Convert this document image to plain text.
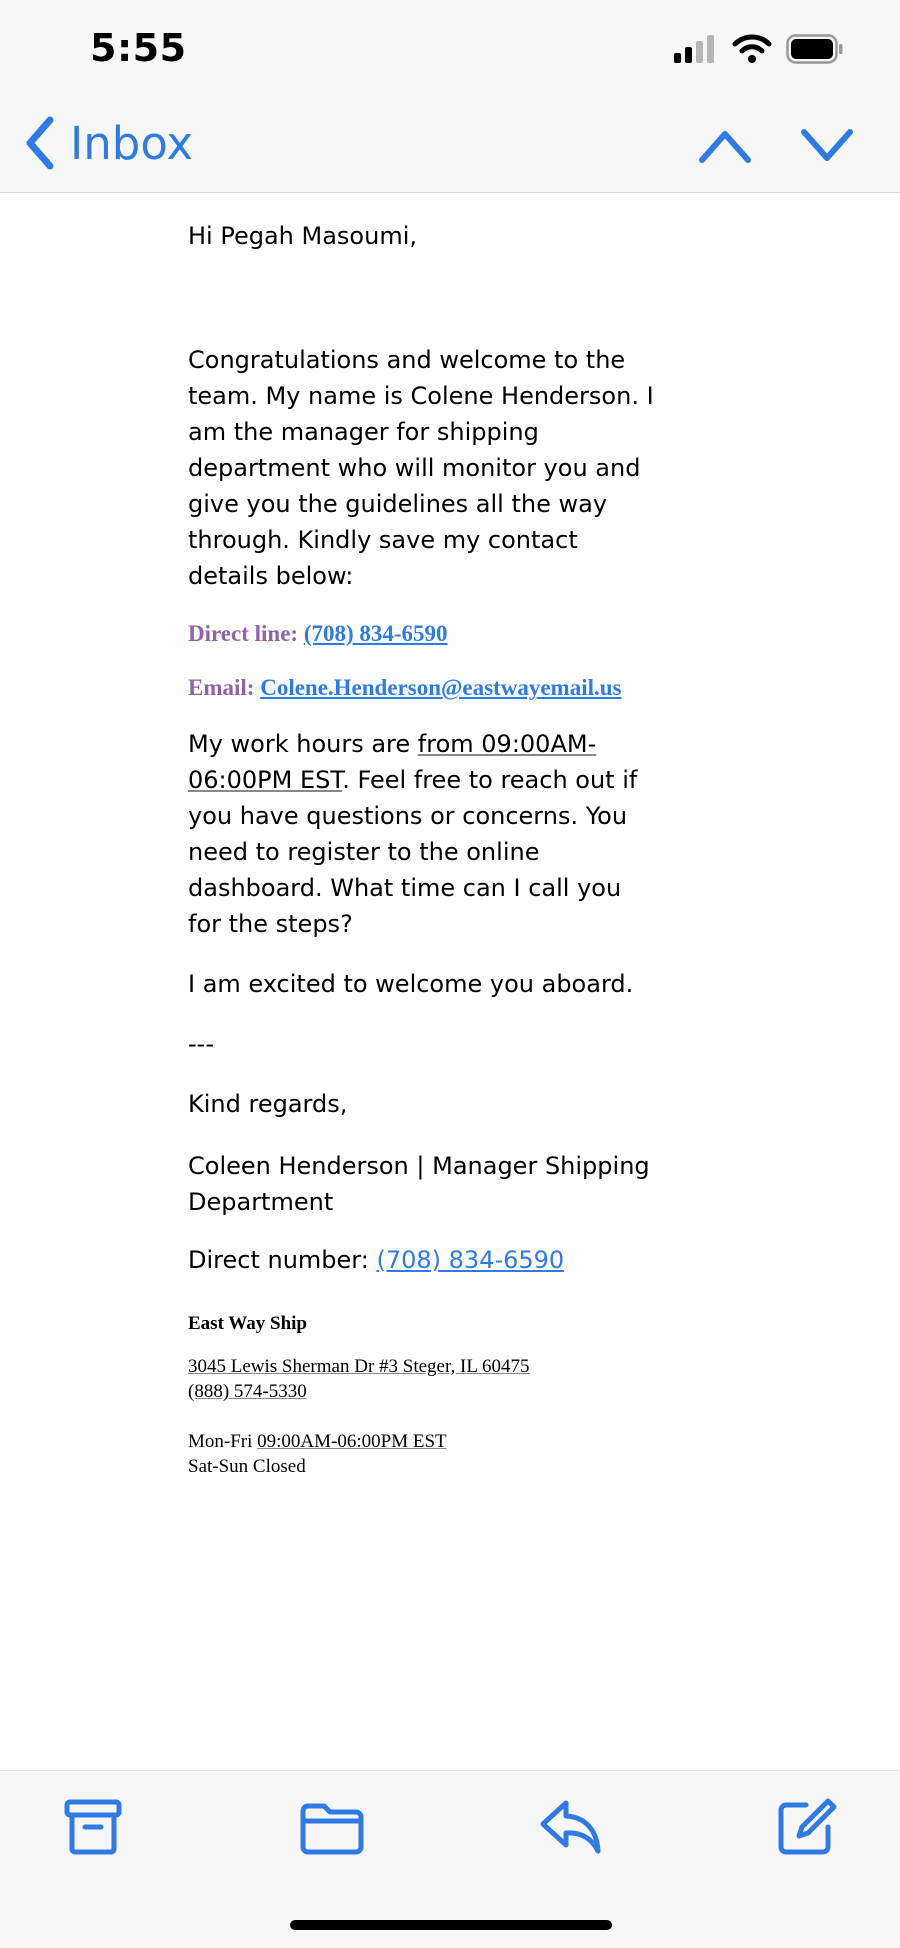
5:55
Inbox

Hi Pegah Masoumi,

Congratulations and welcome to the team. My name is Colene Henderson. I am the manager for shipping department who will monitor you and give you the guidelines all the way through. Kindly save my contact details below:

Direct line: (708) 834-6590
Email: Colene.Henderson@eastwayemail.us

My work hours are from 09:00AM-06:00PM EST. Feel free to reach out if you have questions or concerns. You need to register to the online dashboard. What time can I call you for the steps?

I am excited to welcome you aboard.

---

Kind regards,

Coleen Henderson | Manager Shipping Department

Direct number: (708) 834-6590

East Way Ship
3045 Lewis Sherman Dr #3 Steger, IL 60475
(888) 574-5330
Mon-Fri 09:00AM-06:00PM EST
Sat-Sun Closed
